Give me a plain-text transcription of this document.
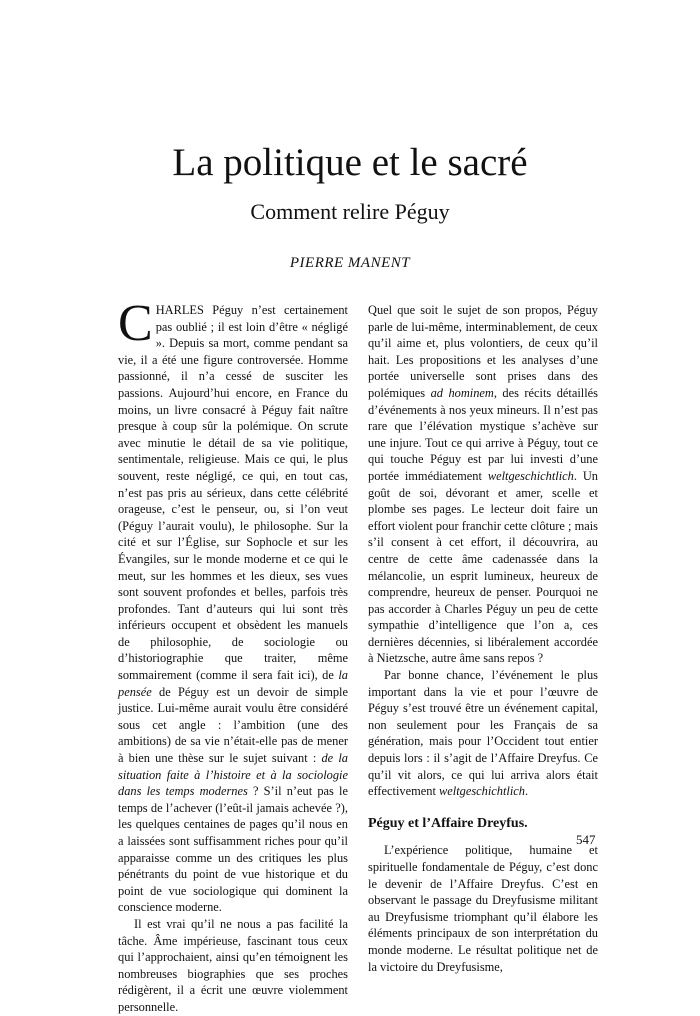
La politique et le sacré
Comment relire Péguy
PIERRE MANENT

CHARLES Péguy n’est certainement pas oublié ; il est loin d’être « négligé ». Depuis sa mort, comme pendant sa vie, il a été une figure controversée. Homme passionné, il n’a cessé de susciter les passions. Aujourd’hui encore, en France du moins, un livre consacré à Péguy fait naître presque à coup sûr la polémique. On scrute avec minutie le détail de sa vie politique, sentimentale, religieuse. Mais ce qui, le plus souvent, reste négligé, ce qui, en tout cas, n’est pas pris au sérieux, dans cette célébrité orageuse, c’est le penseur, ou, si l’on veut (Péguy l’aurait voulu), le philosophe. Sur la cité et sur l’Église, sur Sophocle et sur les Évangiles, sur le monde moderne et ce qui le meut, sur les hommes et les dieux, ses vues sont souvent profondes et belles, parfois très profondes. Tant d’auteurs qui lui sont très inférieurs occupent et obsèdent les manuels de philosophie, de sociologie ou d’historiographie que traiter, même sommairement (comme il sera fait ici), de la pensée de Péguy est un devoir de simple justice. Lui-même aurait voulu être considéré sous cet angle : l’ambition (une des ambitions) de sa vie n’était-elle pas de mener à bien une thèse sur le sujet suivant : de la situation faite à l’histoire et à la sociologie dans les temps modernes ? S’il n’eut pas le temps de l’achever (l’eût-il jamais achevée ?), les quelques centaines de pages qu’il nous en a laissées sont suffisamment riches pour qu’il apparaisse comme un des critiques les plus pénétrants du point de vue historique et du point de vue sociologique qui dominent la conscience moderne.

Il est vrai qu’il ne nous a pas facilité la tâche. Âme impérieuse, fascinant tous ceux qui l’approchaient, ainsi qu’en témoignent les nombreuses biographies que ses proches rédigèrent, il a écrit une œuvre violemment personnelle.

Quel que soit le sujet de son propos, Péguy parle de lui-même, interminablement, de ceux qu’il aime et, plus volontiers, de ceux qu’il hait. Les propositions et les analyses d’une portée universelle sont prises dans des polémiques ad hominem, des récits détaillés d’événements à nos yeux mineurs. Il n’est pas rare que l’élévation mystique s’achève sur une injure. Tout ce qui arrive à Péguy, tout ce qui touche Péguy est par lui investi d’une portée immédiatement weltgeschichtlich. Un goût de soi, dévorant et amer, scelle et plombe ses pages. Le lecteur doit faire un effort violent pour franchir cette clôture ; mais s’il consent à cet effort, il découvrira, au centre de cette âme cadenassée dans la mélancolie, un esprit lumineux, heureux de comprendre, heureux de penser. Pourquoi ne pas accorder à Charles Péguy un peu de cette sympathie d’intelligence que l’on a, ces dernières décennies, si libéralement accordée à Nietzsche, autre âme sans repos ?

Par bonne chance, l’événement le plus important dans la vie et pour l’œuvre de Péguy s’est trouvé être un événement capital, non seulement pour les Français de sa génération, mais pour l’Occident tout entier depuis lors : il s’agit de l’Affaire Dreyfus. Ce qu’il vit alors, ce qui lui arriva alors était effectivement weltgeschichtlich.

Péguy et l’Affaire Dreyfus.

L’expérience politique, humaine et spirituelle fondamentale de Péguy, c’est donc le devenir de l’Affaire Dreyfus. C’est en observant le passage du Dreyfusisme militant au Dreyfusisme triomphant qu’il élabore les éléments principaux de son interprétation du monde moderne. Le résultat politique net de la victoire du Dreyfusisme,

547
